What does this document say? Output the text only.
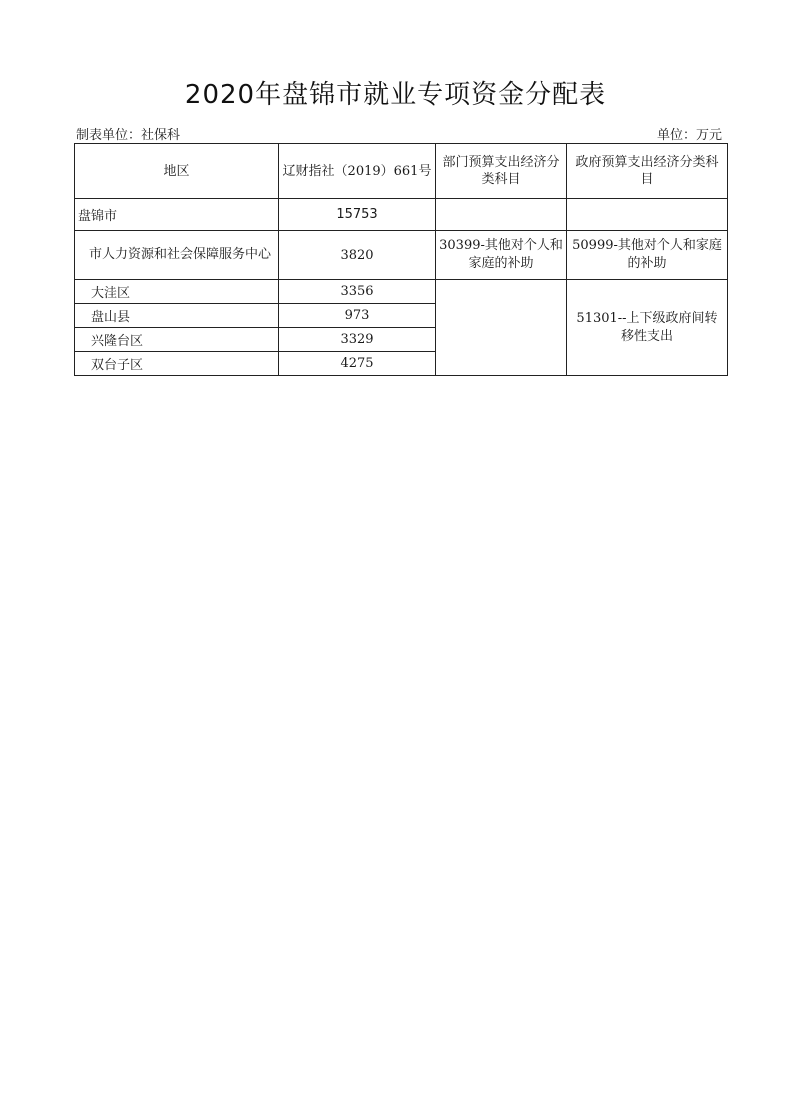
2020年盘锦市就业专项资金分配表
制表单位：社保科	单位：万元
地区	辽财指社（2019）661号	部门预算支出经济分类科目	政府预算支出经济分类科目
盘锦市	15753		
市人力资源和社会保障服务中心	3820	30399-其他对个人和家庭的补助	50999-其他对个人和家庭的补助
大洼区	3356		51301--上下级政府间转移性支出
盘山县	973		
兴隆台区	3329		
双台子区	4275		
